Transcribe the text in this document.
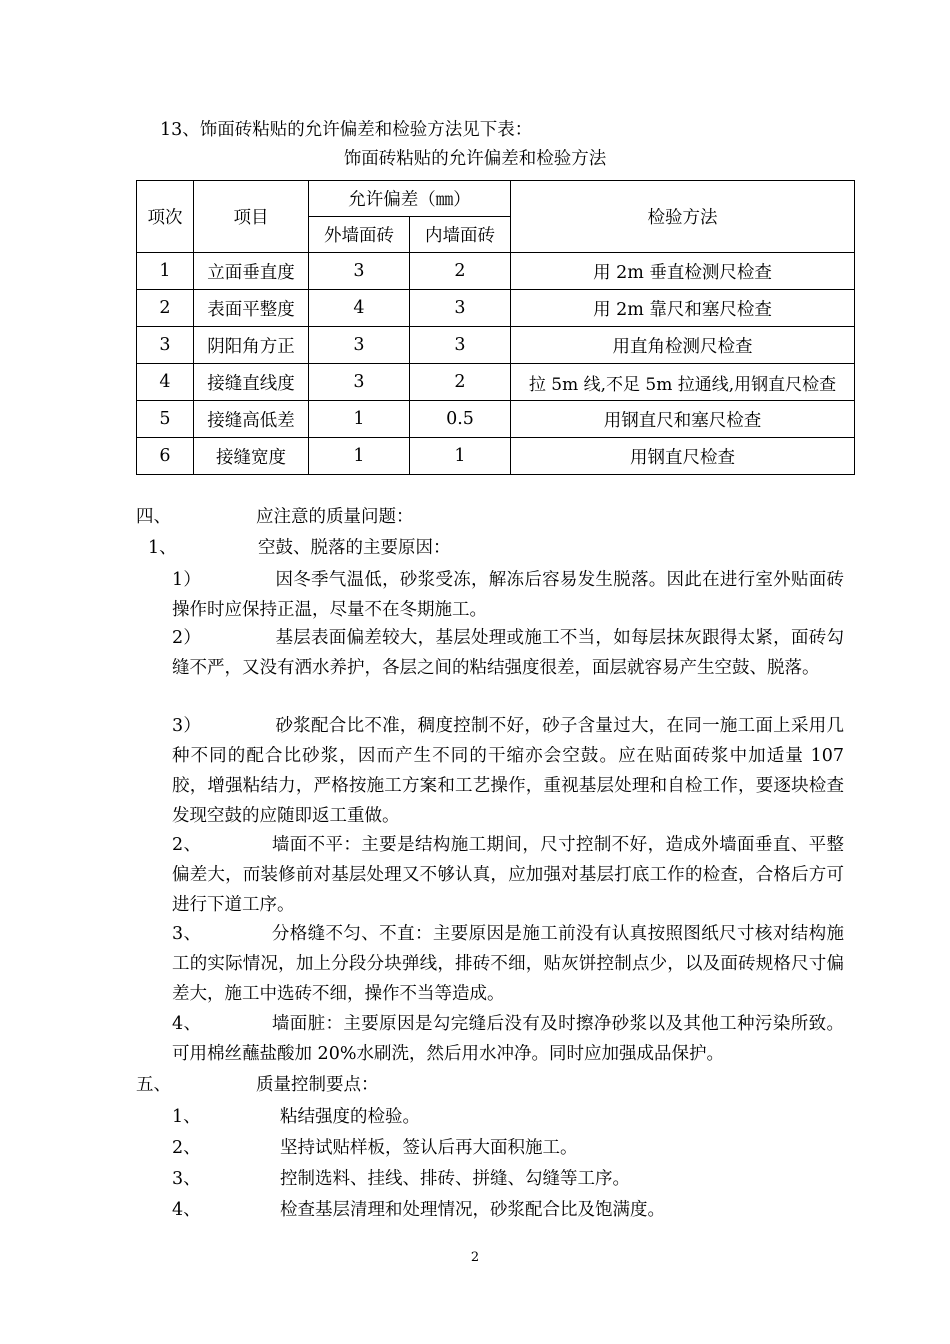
13、饰面砖粘贴的允许偏差和检验方法见下表：
饰面砖粘贴的允许偏差和检验方法
项次	项目	允许偏差（㎜）		检验方法
		外墙面砖	内墙面砖	
1	立面垂直度	3	2	用 2m 垂直检测尺检查
2	表面平整度	4	3	用 2m 靠尺和塞尺检查
3	阴阳角方正	3	3	用直角检测尺检查
4	接缝直线度	3	2	拉 5m 线,不足 5m 拉通线,用钢直尺检查
5	接缝高低差	1	0.5	用钢直尺和塞尺检查
6	接缝宽度	1	1	用钢直尺检查
四、	应注意的质量问题：
1、	空鼓、脱落的主要原因：
1）	因冬季气温低，砂浆受冻，解冻后容易发生脱落。因此在进行室外贴面砖操作时应保持正温，尽量不在冬期施工。
2）	基层表面偏差较大，基层处理或施工不当，如每层抹灰跟得太紧，面砖勾缝不严，又没有洒水养护，各层之间的粘结强度很差，面层就容易产生空鼓、脱落。
3）	砂浆配合比不准，稠度控制不好，砂子含量过大，在同一施工面上采用几种不同的配合比砂浆，因而产生不同的干缩亦会空鼓。应在贴面砖浆中加适量 107 胶，增强粘结力，严格按施工方案和工艺操作，重视基层处理和自检工作，要逐块检查发现空鼓的应随即返工重做。
2、	墙面不平：主要是结构施工期间，尺寸控制不好，造成外墙面垂直、平整偏差大，而装修前对基层处理又不够认真，应加强对基层打底工作的检查，合格后方可进行下道工序。
3、	分格缝不匀、不直：主要原因是施工前没有认真按照图纸尺寸核对结构施工的实际情况，加上分段分块弹线，排砖不细，贴灰饼控制点少，以及面砖规格尺寸偏差大，施工中选砖不细，操作不当等造成。
4、	墙面脏：主要原因是勾完缝后没有及时擦净砂浆以及其他工种污染所致。可用棉丝蘸盐酸加 20%水刷洗，然后用水冲净。同时应加强成品保护。
五、	质量控制要点：
1、	粘结强度的检验。
2、	坚持试贴样板，签认后再大面积施工。
3、	控制选料、挂线、排砖、拼缝、勾缝等工序。
4、	检查基层清理和处理情况，砂浆配合比及饱满度。
2
